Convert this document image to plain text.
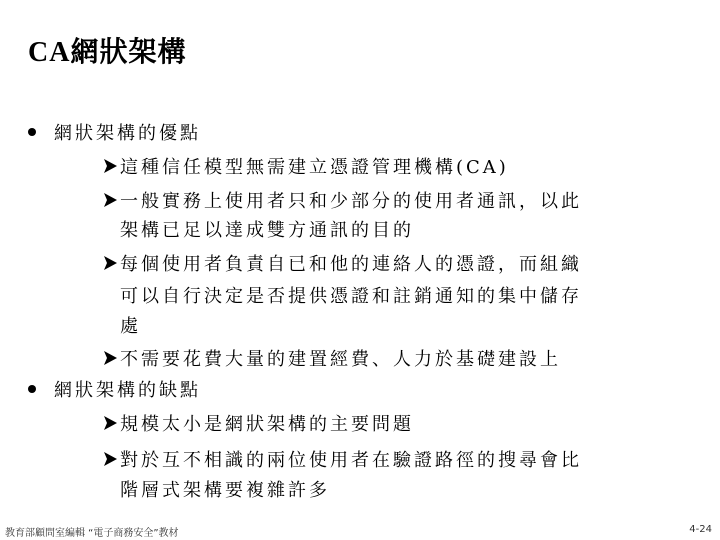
CA網狀架構
網狀架構的優點
這種信任模型無需建立憑證管理機構(CA)
一般實務上使用者只和少部分的使用者通訊，以此
架構已足以達成雙方通訊的目的
每個使用者負責自已和他的連絡人的憑證，而組織
可以自行決定是否提供憑證和註銷通知的集中儲存
處
不需要花費大量的建置經費、人力於基礎建設上
網狀架構的缺點
規模太小是網狀架構的主要問題
對於互不相識的兩位使用者在驗證路徑的搜尋會比
階層式架構要複雜許多
教育部顧問室編輯 “電子商務安全”教材	4-24
